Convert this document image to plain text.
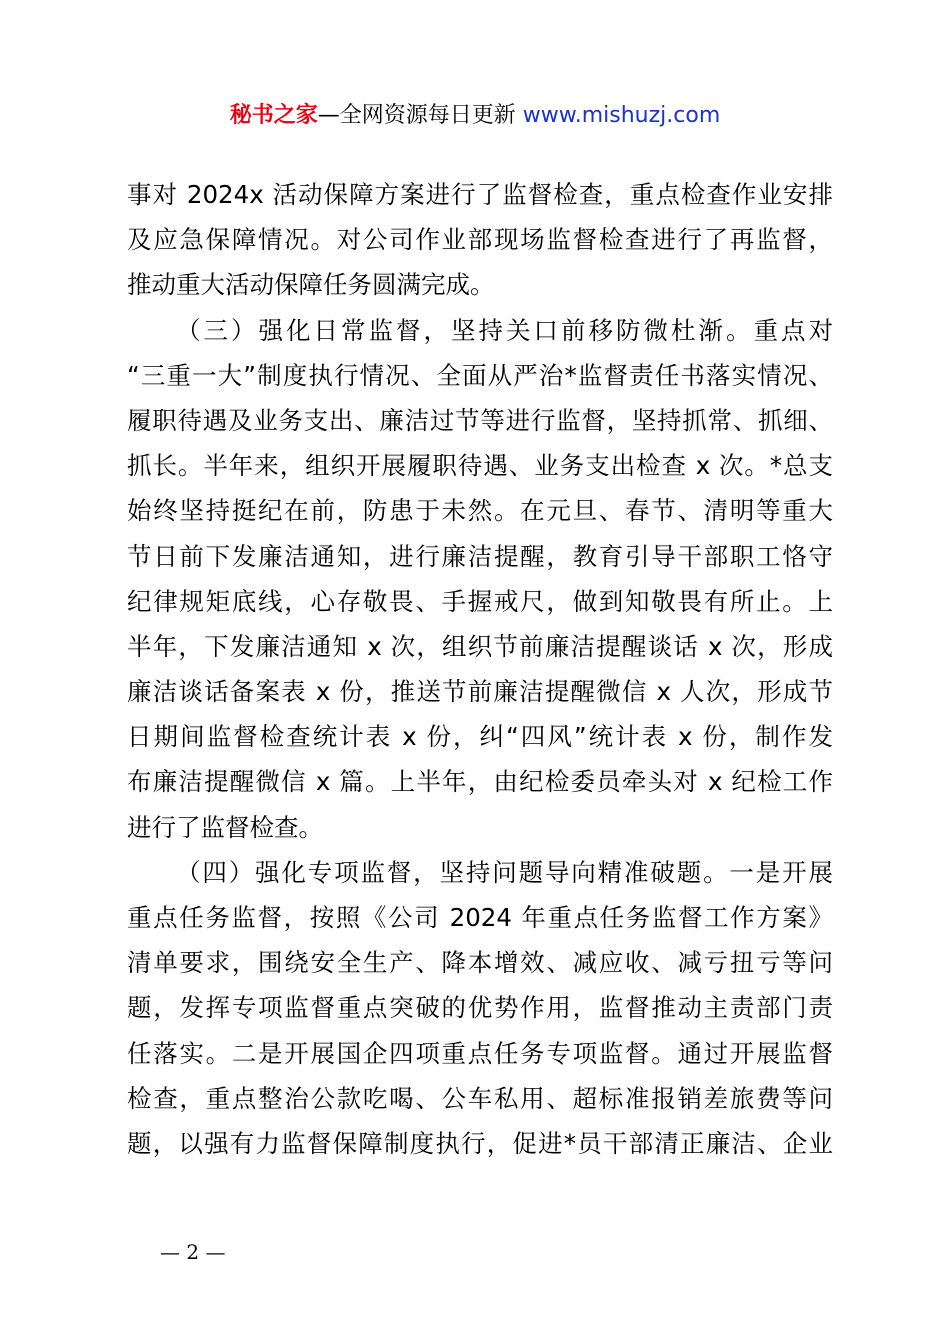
秘书之家—全网资源每日更新 www.mishuzj.com
事对 2024x 活动保障方案进行了监督检查，重点检查作业安排
及应急保障情况。对公司作业部现场监督检查进行了再监督，
推动重大活动保障任务圆满完成。
（三）强化日常监督，坚持关口前移防微杜渐。重点对
“三重一大”制度执行情况、全面从严治*监督责任书落实情况、
履职待遇及业务支出、廉洁过节等进行监督，坚持抓常、抓细、
抓长。半年来，组织开展履职待遇、业务支出检查 x 次。*总支
始终坚持挺纪在前，防患于未然。在元旦、春节、清明等重大
节日前下发廉洁通知，进行廉洁提醒，教育引导干部职工恪守
纪律规矩底线，心存敬畏、手握戒尺，做到知敬畏有所止。上
半年，下发廉洁通知 x 次，组织节前廉洁提醒谈话 x 次，形成
廉洁谈话备案表 x 份，推送节前廉洁提醒微信 x 人次，形成节
日期间监督检查统计表 x 份，纠“四风”统计表 x 份，制作发
布廉洁提醒微信 x 篇。上半年，由纪检委员牵头对 x 纪检工作
进行了监督检查。
（四）强化专项监督，坚持问题导向精准破题。一是开展
重点任务监督，按照《公司 2024 年重点任务监督工作方案》
清单要求，围绕安全生产、降本增效、减应收、减亏扭亏等问
题，发挥专项监督重点突破的优势作用，监督推动主责部门责
任落实。二是开展国企四项重点任务专项监督。通过开展监督
检查，重点整治公款吃喝、公车私用、超标准报销差旅费等问
题，以强有力监督保障制度执行，促进*员干部清正廉洁、企业
— 2 —
